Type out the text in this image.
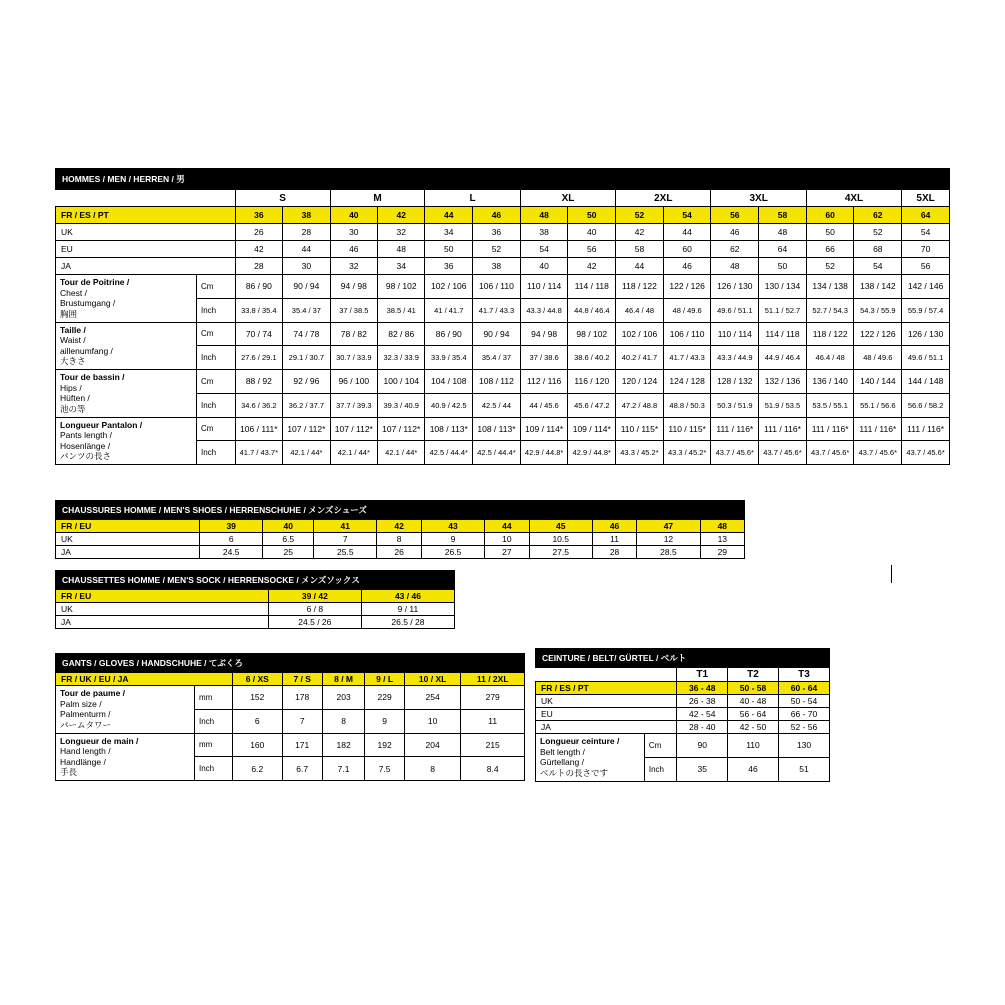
HOMMES / MEN / HERREN / 男																
		S		M		L		XL		2XL		3XL		4XL		5XL
FR / ES / PT		36	38	40	42	44	46	48	50	52	54	56	58	60	62	64
UK		26	28	30	32	34	36	38	40	42	44	46	48	50	52	54
EU		42	44	46	48	50	52	54	56	58	60	62	64	66	68	70
JA		28	30	32	34	36	38	40	42	44	46	48	50	52	54	56
Tour de Poitrine /
Chest /
Brustumgang /
胸囲	Cm	86 / 90	90 / 94	94 / 98	98 / 102	102 / 106	106 / 110	110 / 114	114 / 118	118 / 122	122 / 126	126 / 130	130 / 134	134 / 138	138 / 142	142 / 146
	Inch	33.8 / 35.4	35.4 / 37	37 / 38.5	38.5 / 41	41 / 41.7	41.7 / 43.3	43.3 / 44.8	44.8 / 46.4	46.4 / 48	48 / 49.6	49.6 / 51.1	51.1 / 52.7	52.7 / 54.3	54.3 / 55.9	55.9 / 57.4
Taille /
Waist /
aillenumfang /
大きさ	Cm	70 / 74	74 / 78	78 / 82	82 / 86	86 / 90	90 / 94	94 / 98	98 / 102	102 / 106	106 / 110	110 / 114	114 / 118	118 / 122	122 / 126	126 / 130
	Inch	27.6 / 29.1	29.1 / 30.7	30.7 / 33.9	32.3 / 33.9	33.9 / 35.4	35.4 / 37	37 / 38.6	38.6 / 40.2	40.2 / 41.7	41.7 / 43.3	43.3 / 44.9	44.9 / 46.4	46.4 / 48	48 / 49.6	49.6 / 51.1
Tour de bassin /
Hips /
Hüften /
池の等	Cm	88 / 92	92 / 96	96 / 100	100 / 104	104 / 108	108 / 112	112 / 116	116 / 120	120 / 124	124 / 128	128 / 132	132 / 136	136 / 140	140 / 144	144 / 148
	Inch	34.6 / 36.2	36.2 / 37.7	37.7 / 39.3	39.3 / 40.9	40.9 / 42.5	42.5 / 44	44 / 45.6	45.6 / 47.2	47.2 / 48.8	48.8 / 50.3	50.3 / 51.9	51.9 / 53.5	53.5 / 55.1	55.1 / 56.6	56.6 / 58.2
Longueur Pantalon /
Pants length /
Hosenlänge /
パンツの長さ	Cm	106 / 111*	107 / 112*	107 / 112*	107 / 112*	108 / 113*	108 / 113*	109 / 114*	109 / 114*	110 / 115*	110 / 115*	111 / 116*	111 / 116*	111 / 116*	111 / 116*	111 / 116*
	Inch	41.7 / 43.7*	42.1 / 44*	42.1 / 44*	42.1 / 44*	42.5 / 44.4*	42.5 / 44.4*	42.9 / 44.8*	42.9 / 44.8*	43.3 / 45.2*	43.3 / 45.2*	43.7 / 45.6*	43.7 / 45.6*	43.7 / 45.6*	43.7 / 45.6*	43.7 / 45.6*
CHAUSSURES HOMME / MEN'S SHOES / HERRENSCHUHE / メンズシューズ										
FR / EU	39	40	41	42	43	44	45	46	47	48
UK	6	6.5	7	8	9	10	10.5	11	12	13
JA	24.5	25	25.5	26	26.5	27	27.5	28	28.5	29
CHAUSSETTES HOMME / MEN'S SOCK / HERRENSOCKE / メンズソックス		
FR / EU	39 / 42	43 / 46
UK	6 / 8	9 / 11
JA	24.5 / 26	26.5 / 28
GANTS / GLOVES / HANDSCHUHE / てぶくろ							
FR / UK / EU / JA		6 / XS	7 / S	8 / M	9 / L	10 / XL	11 / 2XL
Tour de paume /
Palm size /
Palmenturm /
パームタワー	mm	152	178	203	229	254	279
	Inch	6	7	8	9	10	11
Longueur de main /
Hand length /
Handlänge /
手長	mm	160	171	182	192	204	215
	Inch	6.2	6.7	7.1	7.5	8	8.4
CEINTURE / BELT/ GÜRTEL / ベルト				
		T1	T2	T3
FR / ES / PT		36 - 48	50 - 58	60 - 64
UK		26 - 38	40 - 48	50 - 54
EU		42 - 54	56 - 64	66 - 70
JA		28 - 40	42 - 50	52 - 56
Longueur ceinture /
Belt length /
Gürtellang /
ベルトの長さです	Cm	90	110	130
	Inch	35	46	51
